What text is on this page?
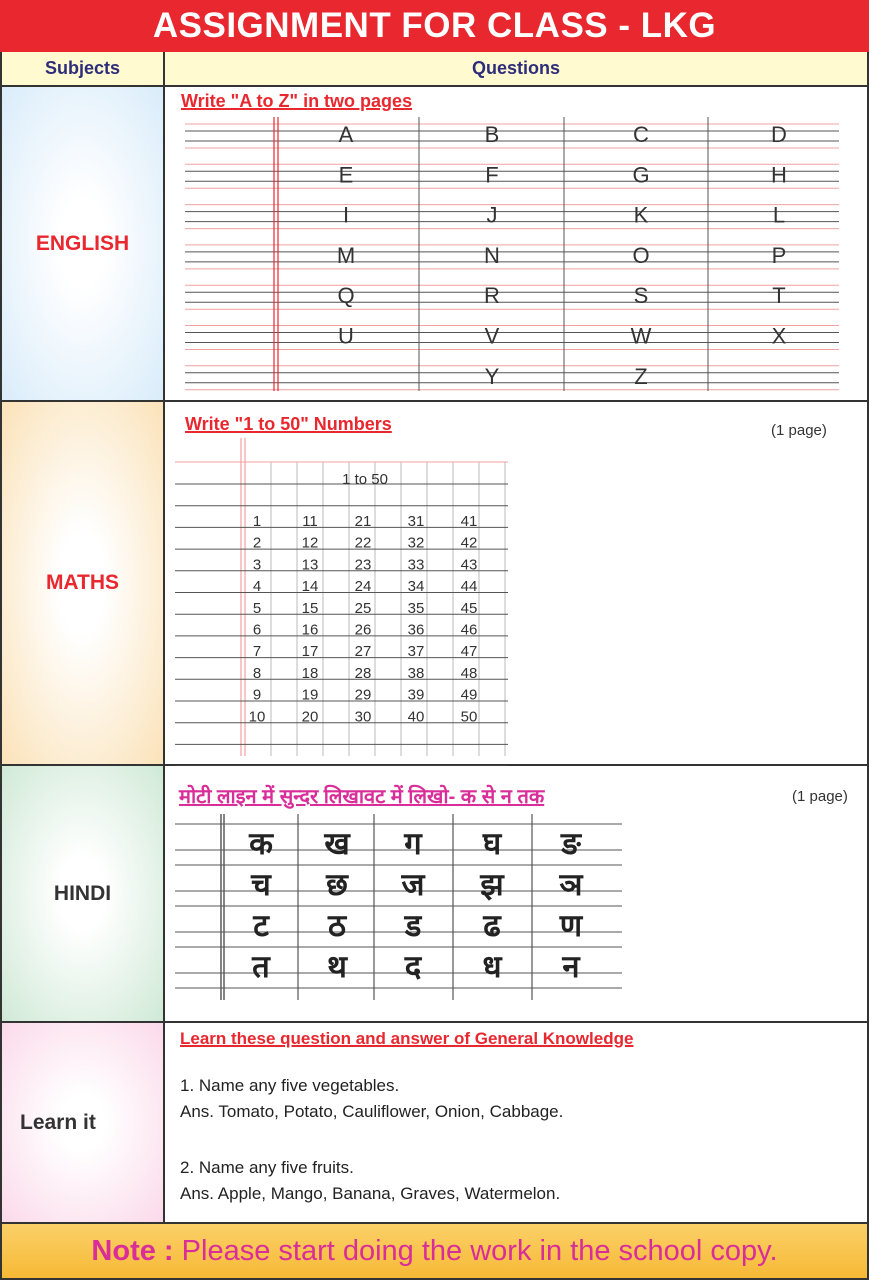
ASSIGNMENT FOR CLASS - LKG
Subjects	Questions
ENGLISH
Write "A to Z" in two pages
A	B	C	D
E	F	G	H
I	J	K	L
M	N	O	P
Q	R	S	T
U	V	W	X
Y	Z
MATHS
Write "1 to 50" Numbers	(1 page)
1 to 50
1	11 21 31 41
2	12 22 32 42
3	13 23 33 43
4	14 24 34 44
5	15 25 35 45
6	16 26 36 46
7	17 27 37 47
8	18 28 38 48
9	19 29 39 49
10 20 30 40 50
HINDI
मोटी लाइन में सुन्दर लिखावट में लिखो- क से न तक	(1 page)
क ख ग घ ङ
च छ ज झ ञ
ट ठ ड ढ ण
त थ द ध न
Learn it
Learn these question and answer of General Knowledge
1. Name any five vegetables.
Ans. Tomato, Potato, Cauliflower, Onion, Cabbage.
2. Name any five fruits.
Ans. Apple, Mango, Banana, Graves, Watermelon.
Note : Please start doing the work in the school copy.
